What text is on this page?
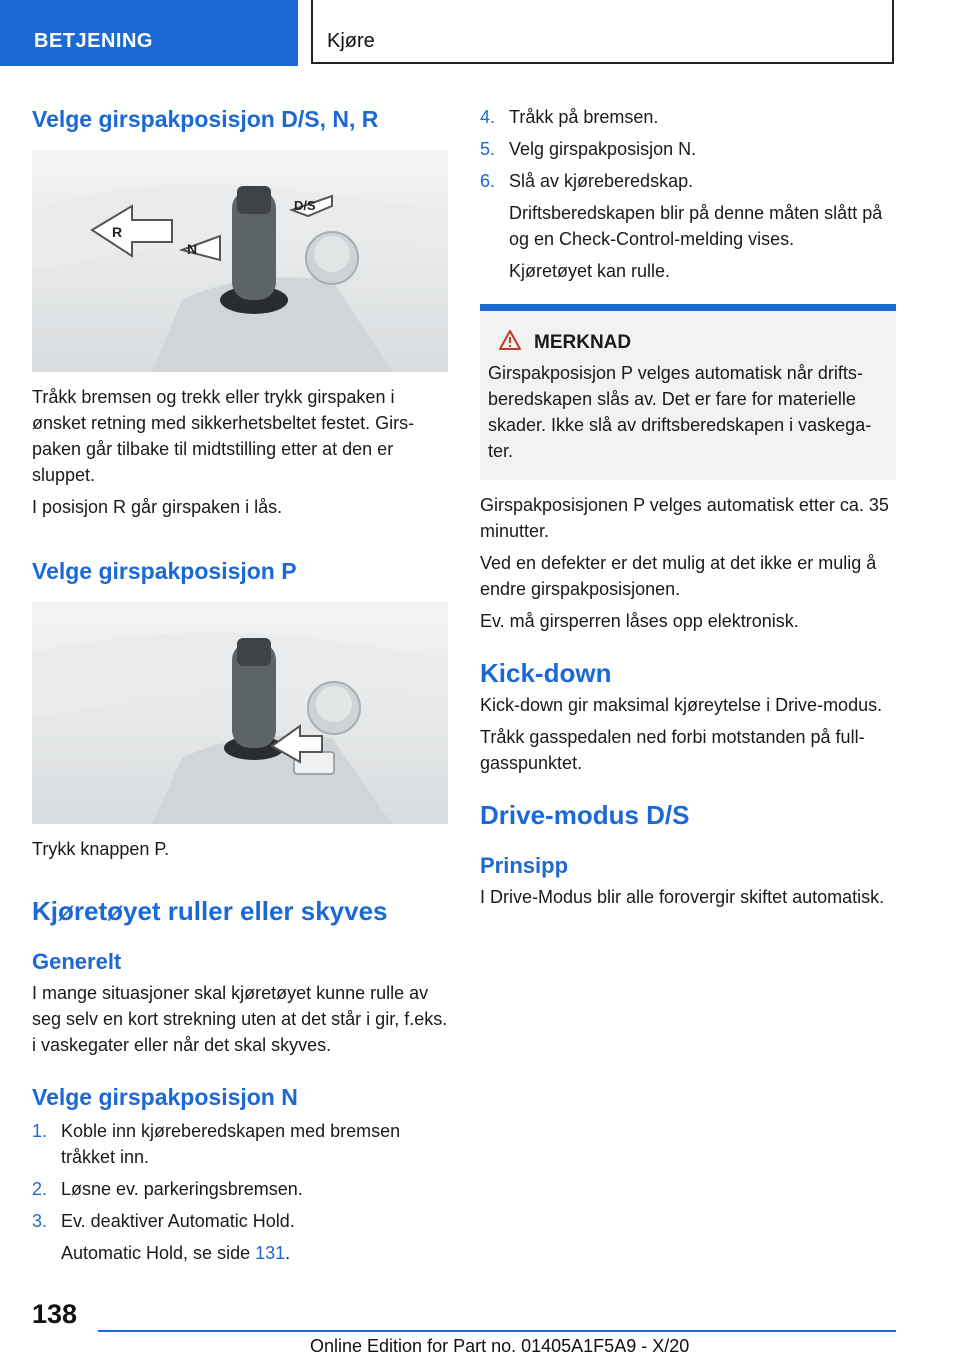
BETJENING	Kjøre
Velge girspakposisjon D/S, N, R
R
N
D/S

Tråkk bremsen og trekk eller trykk girspaken i ønsket retning med sikkerhetsbeltet festet. Girspaken går tilbake til midtstilling etter at den er sluppet.

I posisjon R går girspaken i lås.

Velge girspakposisjon P

Trykk knappen P.

Kjøretøyet ruller eller skyves
Generelt

I mange situasjoner skal kjøretøyet kunne rulle av seg selv en kort strekning uten at det står i gir, f.eks. i vaskegater eller når det skal skyves.

Velge girspakposisjon N
1. Koble inn kjøreberedskapen med bremsen tråkket inn.
2. Løsne ev. parkeringsbremsen.
3. Ev. deaktiver Automatic Hold.
Automatic Hold, se side 131.
4. Tråkk på bremsen.
5. Velg girspakposisjon N.
6. Slå av kjøreberedskap.
Driftsberedskapen blir på denne måten slått på og en Check-Control-melding vises.
Kjøretøyet kan rulle.
MERKNAD

Girspakposisjon P velges automatisk når driftsberedskapen slås av. Det er fare for materielle skader. Ikke slå av driftsberedskapen i vaskegater.

Girspakposisjonen P velges automatisk etter ca. 35 minutter.

Ved en defekter er det mulig at det ikke er mulig å endre girspakposisjonen.

Ev. må girsperren låses opp elektronisk.

Kick-down

Kick-down gir maksimal kjøreytelse i Drive-modus.

Tråkk gasspedalen ned forbi motstanden på fullgasspunktet.

Drive-modus D/S
Prinsipp

I Drive-Modus blir alle forovergir skiftet automatisk.

138
Online Edition for Part no. 01405A1F5A9 - X/20
